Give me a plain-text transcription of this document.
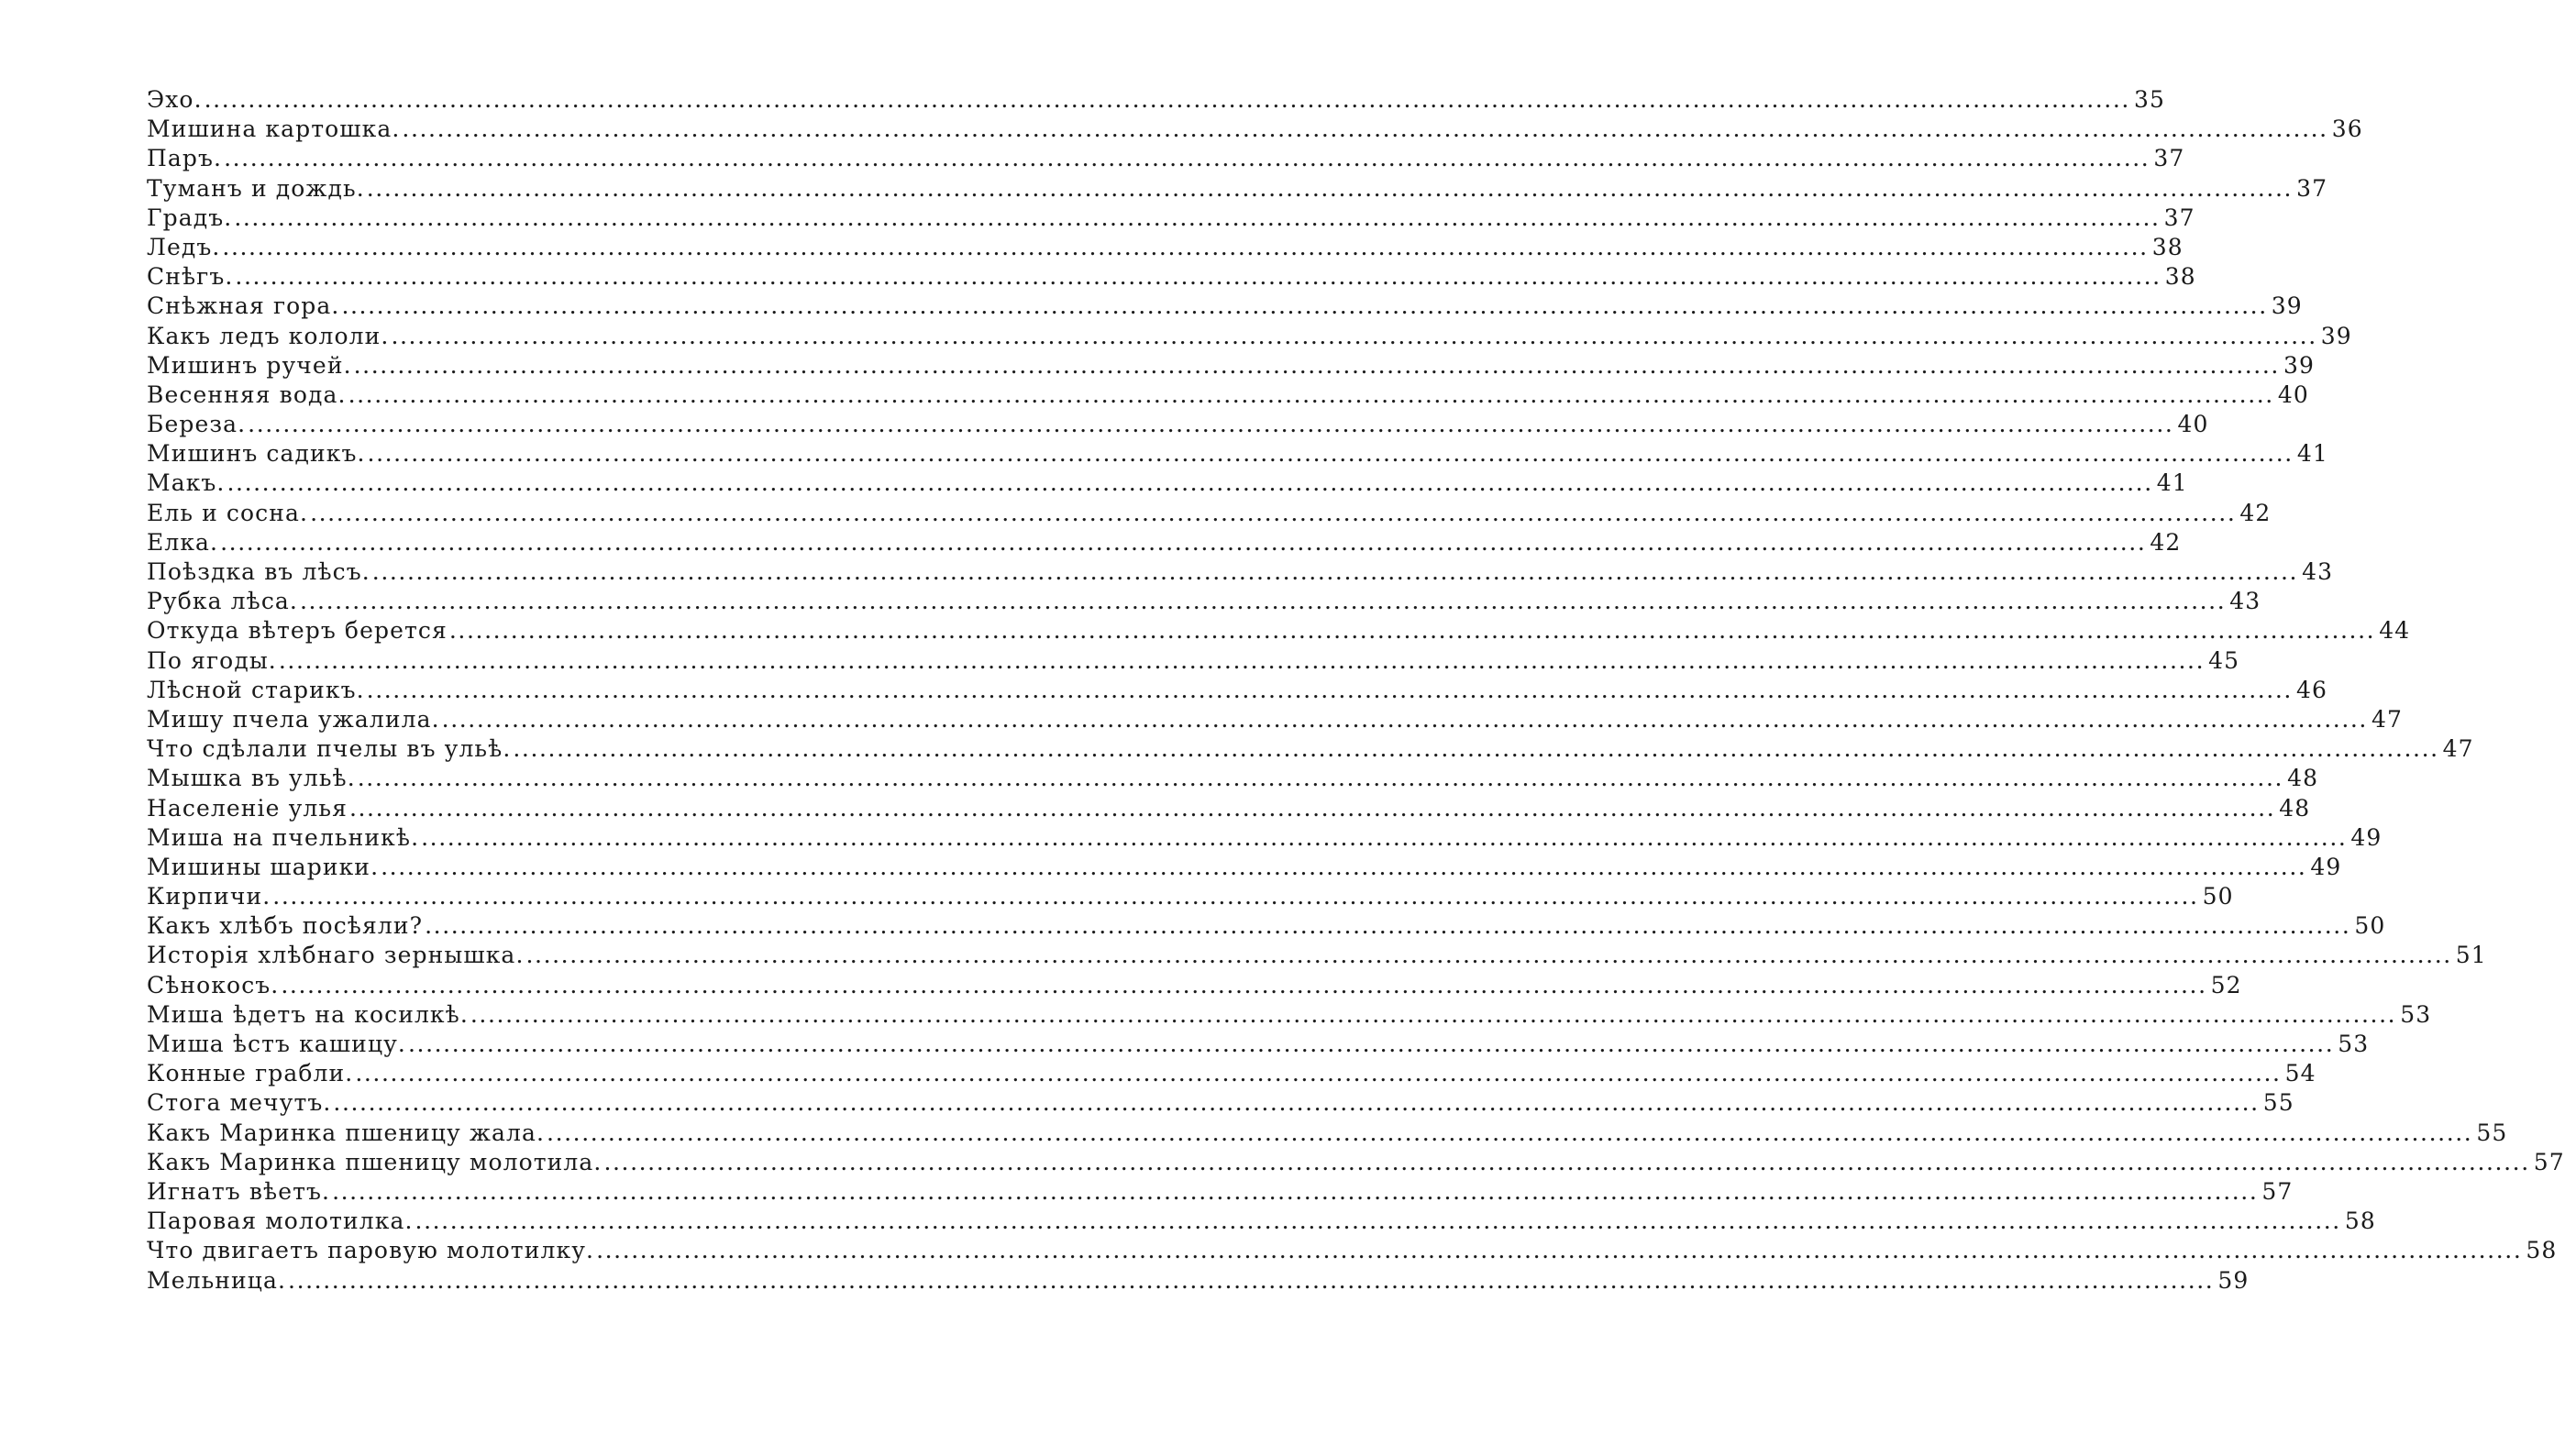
Эхо. ............................................................................................................................................................................................................................ 35
Мишина картошка. ............................................................................................................................................................................................................................ 36
Паръ. ............................................................................................................................................................................................................................ 37
Туманъ и дождь. ............................................................................................................................................................................................................................ 37
Градъ. ............................................................................................................................................................................................................................ 37
Ледъ. ............................................................................................................................................................................................................................ 38
Снѣгъ. ............................................................................................................................................................................................................................ 38
Снѣжная гора. ............................................................................................................................................................................................................................ 39
Какъ ледъ кололи. ............................................................................................................................................................................................................................ 39
Мишинъ ручей. ............................................................................................................................................................................................................................ 39
Весенняя вода. ............................................................................................................................................................................................................................ 40
Береза. ............................................................................................................................................................................................................................ 40
Мишинъ садикъ. ............................................................................................................................................................................................................................ 41
Макъ. ............................................................................................................................................................................................................................ 41
Ель и сосна. ............................................................................................................................................................................................................................ 42
Елка. ............................................................................................................................................................................................................................ 42
Поѣздка въ лѣсъ. ............................................................................................................................................................................................................................ 43
Рубка лѣса. ............................................................................................................................................................................................................................ 43
Откуда вѣтеръ берется ............................................................................................................................................................................................................................ 44
По ягоды. ............................................................................................................................................................................................................................ 45
Лѣсной старикъ. ............................................................................................................................................................................................................................ 46
Мишу пчела ужалила. ............................................................................................................................................................................................................................ 47
Что сдѣлали пчелы въ ульѣ. ............................................................................................................................................................................................................................ 47
Мышка въ ульѣ. ............................................................................................................................................................................................................................ 48
Населеніе улья ............................................................................................................................................................................................................................ 48
Миша на пчельникѣ. ............................................................................................................................................................................................................................ 49
Мишины шарики. ............................................................................................................................................................................................................................ 49
Кирпичи. ............................................................................................................................................................................................................................ 50
Какъ хлѣбъ посѣяли? ............................................................................................................................................................................................................................ 50
Исторія хлѣбнаго зернышка. ............................................................................................................................................................................................................................ 51
Сѣнокосъ. ............................................................................................................................................................................................................................ 52
Миша ѣдетъ на косилкѣ. ............................................................................................................................................................................................................................ 53
Миша ѣстъ кашицу. ............................................................................................................................................................................................................................ 53
Конные грабли. ............................................................................................................................................................................................................................ 54
Стога мечутъ. ............................................................................................................................................................................................................................ 55
Какъ Маринка пшеницу жала. ............................................................................................................................................................................................................................ 55
Какъ Маринка пшеницу молотила. ............................................................................................................................................................................................................................ 57
Игнатъ вѣетъ. ............................................................................................................................................................................................................................ 57
Паровая молотилка. ............................................................................................................................................................................................................................ 58
Что двигаетъ паровую молотилку. ............................................................................................................................................................................................................................ 58
Мельница. ............................................................................................................................................................................................................................ 59
